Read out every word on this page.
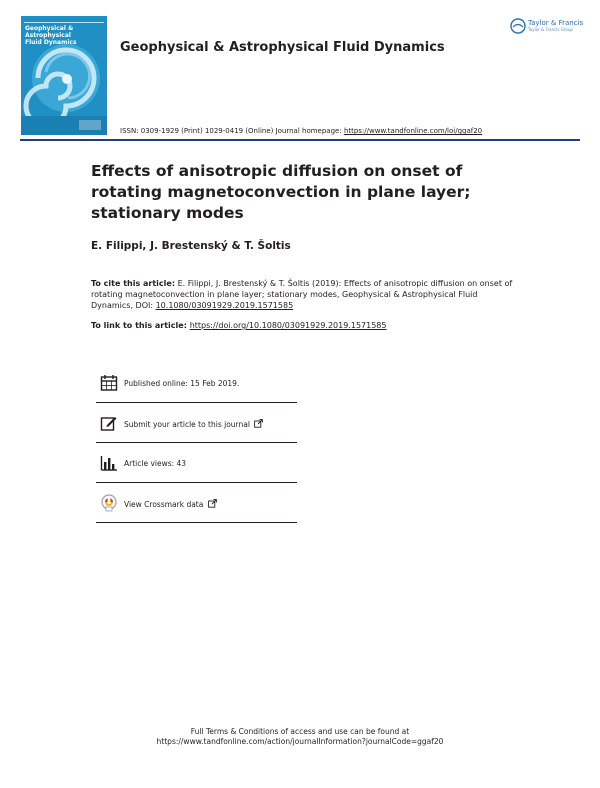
Geophysical & Astrophysical
Fluid Dynamics	Geophysical & Astrophysical Fluid Dynamics
Taylor & Francis
Taylor & Francis Group
ISSN: 0309-1929 (Print) 1029-0419 (Online) Journal homepage: https://www.tandfonline.com/loi/ggaf20
Effects of anisotropic diffusion on onset of rotating magnetoconvection in plane layer; stationary modes
E. Filippi, J. Brestenský & T. Šoltis
To cite this article: E. Filippi, J. Brestenský & T. Šoltis (2019): Effects of anisotropic diffusion on onset of rotating magnetoconvection in plane layer; stationary modes, Geophysical & Astrophysical Fluid Dynamics, DOI: 10.1080/03091929.2019.1571585
To link to this article: https://doi.org/10.1080/03091929.2019.1571585
Published online: 15 Feb 2019.
Submit your article to this journal
Article views: 43
View Crossmark data
Full Terms & Conditions of access and use can be found at
https://www.tandfonline.com/action/journalInformation?journalCode=ggaf20
